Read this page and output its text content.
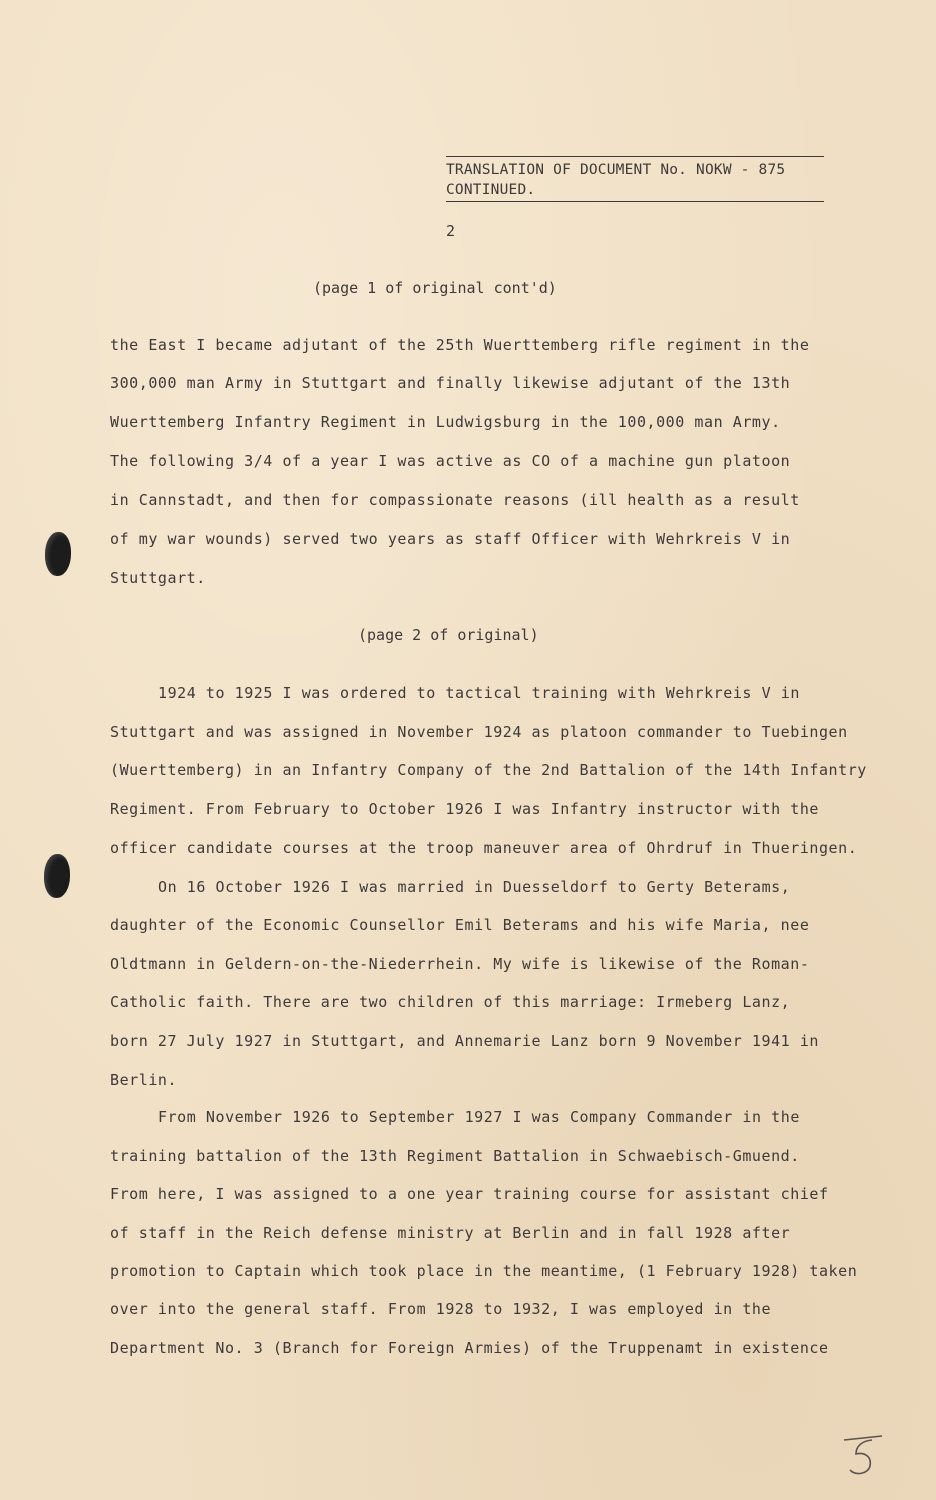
TRANSLATION OF DOCUMENT No. NOKW - 875
CONTINUED.
2
(page 1 of original cont'd)
the East I became adjutant of the 25th Wuerttemberg rifle regiment in the
300,000 man Army in Stuttgart and finally likewise adjutant of the 13th
Wuerttemberg Infantry Regiment in Ludwigsburg in the 100,000 man Army.
The following 3/4 of a year I was active as CO of a machine gun platoon
in Cannstadt, and then for compassionate reasons (ill health as a result
of my war wounds) served two years as staff Officer with Wehrkreis V in
Stuttgart.
(page 2 of original)
1924 to 1925 I was ordered to tactical training with Wehrkreis V in
Stuttgart and was assigned in November 1924 as platoon commander to Tuebingen
(Wuerttemberg) in an Infantry Company of the 2nd Battalion of the 14th Infantry
Regiment. From February to October 1926 I was Infantry instructor with the
officer candidate courses at the troop maneuver area of Ohrdruf in Thueringen.
On 16 October 1926 I was married in Duesseldorf to Gerty Beterams,
daughter of the Economic Counsellor Emil Beterams and his wife Maria, nee
Oldtmann in Geldern-on-the-Niederrhein. My wife is likewise of the Roman-
Catholic faith. There are two children of this marriage: Irmeberg Lanz,
born 27 July 1927 in Stuttgart, and Annemarie Lanz born 9 November 1941 in
Berlin.
From November 1926 to September 1927 I was Company Commander in the
training battalion of the 13th Regiment Battalion in Schwaebisch-Gmuend.
From here, I was assigned to a one year training course for assistant chief
of staff in the Reich defense ministry at Berlin and in fall 1928 after
promotion to Captain which took place in the meantime, (1 February 1928) taken
over into the general staff. From 1928 to 1932, I was employed in the
Department No. 3 (Branch for Foreign Armies) of the Truppenamt in existence
